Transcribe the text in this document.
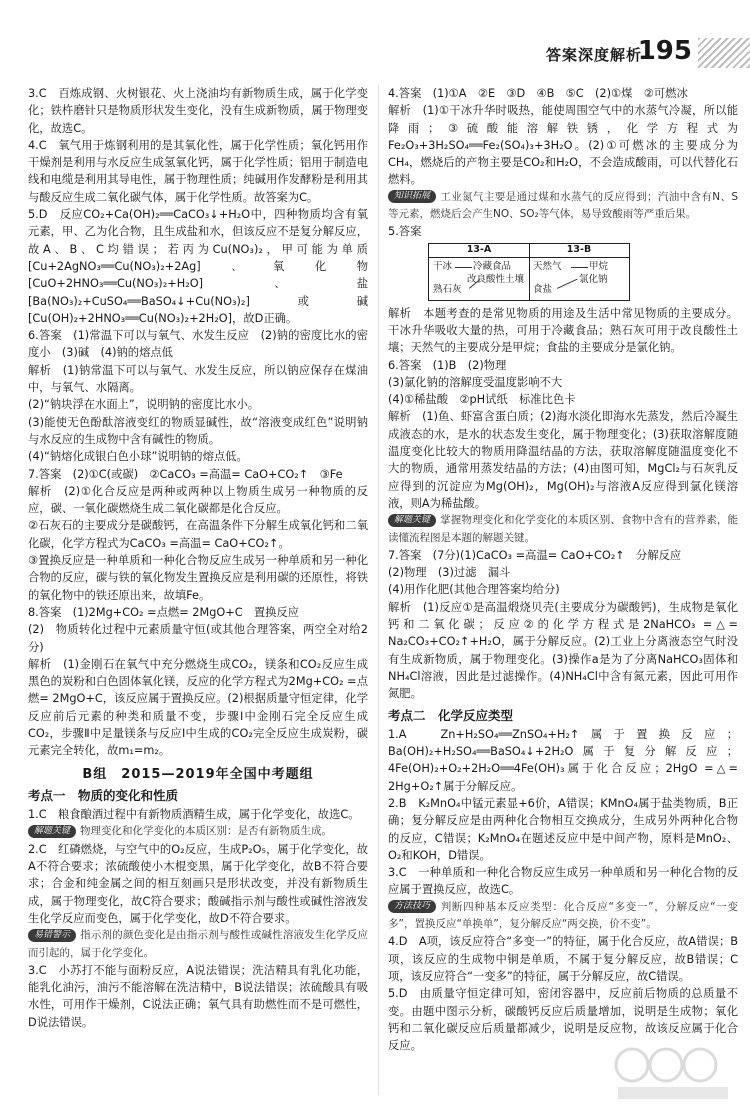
答案深度解析
195

3.C　百炼成钢、火树银花、火上浇油均有新物质生成，属于化学变化；铁杵磨针只是物质形状发生变化，没有生成新物质，属于物理变化，故选C。

4.C　氧气用于炼钢利用的是其氧化性，属于化学性质；氧化钙用作干燥剂是利用与水反应生成氢氧化钙，属于化学性质；铝用于制造电线和电缆是利用其导电性，属于物理性质；纯碱用作发酵粉是利用其与酸反应生成二氧化碳气体，属于化学性质。故答案为C。

5.D　反应CO₂+Ca(OH)₂══CaCO₃↓+H₂O中，四种物质均含有氧元素，甲、乙为化合物，且生成盐和水，但该反应不是复分解反应，故A、B、C均错误；若丙为Cu(NO₃)₂，甲可能为单质[Cu+2AgNO₃══Cu(NO₃)₂+2Ag]、氧化物[CuO+2HNO₃══Cu(NO₃)₂+H₂O]、盐[Ba(NO₃)₂+CuSO₄══BaSO₄↓+Cu(NO₃)₂]或碱[Cu(OH)₂+2HNO₃══Cu(NO₃)₂+2H₂O]，故D正确。

6.答案　(1)常温下可以与氧气、水发生反应　(2)钠的密度比水的密度小　(3)碱　(4)钠的熔点低

解析　(1)钠常温下可以与氧气、水发生反应，所以钠应保存在煤油中，与氧气、水隔离。

(2)“钠块浮在水面上”，说明钠的密度比水小。

(3)能使无色酚酞溶液变红的物质显碱性，故“溶液变成红色”说明钠与水反应的生成物中含有碱性的物质。

(4)“钠熔化成银白色小球”说明钠的熔点低。

7.答案　(2)①C(或碳)　②CaCO₃ =高温= CaO+CO₂↑　③Fe

解析　(2)①化合反应是两种或两种以上物质生成另一种物质的反应，碳、一氧化碳燃烧生成二氧化碳都是化合反应。

②石灰石的主要成分是碳酸钙，在高温条件下分解生成氧化钙和二氧化碳，化学方程式为CaCO₃ =高温= CaO+CO₂↑。

③置换反应是一种单质和一种化合物反应生成另一种单质和另一种化合物的反应，碳与铁的氧化物发生置换反应是利用碳的还原性，将铁的氧化物中的铁还原出来，故填Fe。

8.答案　(1)2Mg+CO₂ =点燃= 2MgO+C　置换反应

(2)　物质转化过程中元素质量守恒(或其他合理答案，两空全对给2分)

解析　(1)金刚石在氧气中充分燃烧生成CO₂，镁条和CO₂反应生成黑色的炭粉和白色固体氧化镁，反应的化学方程式为2Mg+CO₂ =点燃= 2MgO+C，该反应属于置换反应。(2)根据质量守恒定律，化学反应前后元素的种类和质量不变，步骤Ⅰ中金刚石完全反应生成CO₂，步骤Ⅱ中足量镁条与反应Ⅰ中生成的CO₂完全反应生成炭粉，碳元素完全转化，故m₁=m₂。

B组　2015—2019年全国中考题组

考点一　物质的变化和性质

1.C　粮食酿酒过程中有新物质酒精生成，属于化学变化，故选C。

解题关键 物理变化和化学变化的本质区别：是否有新物质生成。

2.C　红磷燃烧，与空气中的O₂反应，生成P₂O₅，属于化学变化，故A不符合要求；浓硫酸使小木棍变黑，属于化学变化，故B不符合要求；合金和纯金属之间的相互刻画只是形状改变，并没有新物质生成，属于物理变化，故C符合要求；酸碱指示剂与酸性或碱性溶液发生化学反应而变色，属于化学变化，故D不符合要求。

易错警示 指示剂的颜色变化是由指示剂与酸性或碱性溶液发生化学反应而引起的，属于化学变化。

3.C　小苏打不能与面粉反应，A说法错误；洗洁精具有乳化功能，能乳化油污，油污不能溶解在洗洁精中，B说法错误；浓硫酸具有吸水性，可用作干燥剂，C说法正确；氧气具有助燃性而不是可燃性，D说法错误。

4.答案　(1)①A　②E　③D　④B　⑤C　(2)①煤　②可燃冰

解析　(1)①干冰升华时吸热，能使周围空气中的水蒸气冷凝，所以能降雨；③硫酸能溶解铁锈，化学方程式为Fe₂O₃+3H₂SO₄══Fe₂(SO₄)₃+3H₂O。(2)①可燃冰的主要成分为CH₄，燃烧后的产物主要是CO₂和H₂O，不会造成酸雨，可以代替化石燃料。

知识拓展 工业氮气主要是通过煤和水蒸气的反应得到；汽油中含有N、S等元素，燃烧后会产生NO、SO₂等气体，易导致酸雨等严重后果。

5.答案

13-A	13-B
干冰
熟石灰
冷藏食品
改良酸性土壤
天然气
食盐
甲烷
氯化钠

解析　本题考查的是常见物质的用途及生活中常见物质的主要成分。干冰升华吸收大量的热，可用于冷藏食品；熟石灰可用于改良酸性土壤；天然气的主要成分是甲烷；食盐的主要成分是氯化钠。

6.答案　(1)B　(2)物理

(3)氯化钠的溶解度受温度影响不大

(4)①稀盐酸　②pH试纸　标准比色卡

解析　(1)鱼、虾富含蛋白质；(2)海水淡化即海水先蒸发，然后冷凝生成液态的水，是水的状态发生变化，属于物理变化；(3)获取溶解度随温度变化比较大的物质用降温结晶的方法，获取溶解度随温度变化不大的物质，通常用蒸发结晶的方法；(4)由图可知，MgCl₂与石灰乳反应得到的沉淀应为Mg(OH)₂，Mg(OH)₂与溶液A反应得到氯化镁溶液，则A为稀盐酸。

解题关键 掌握物理变化和化学变化的本质区别、食物中含有的营养素，能读懂流程图是本题的解题关键。

7.答案　(7分)(1)CaCO₃ =高温= CaO+CO₂↑　分解反应

(2)物理　(3)过滤　漏斗

(4)用作化肥(其他合理答案均给分)

解析　(1)反应①是高温煅烧贝壳(主要成分为碳酸钙)，生成物是氧化钙和二氧化碳；反应②的化学方程式是2NaHCO₃ =△= Na₂CO₃+CO₂↑+H₂O，属于分解反应。(2)工业上分离液态空气时没有生成新物质，属于物理变化。(3)操作a是为了分离NaHCO₃固体和NH₄Cl溶液，因此是过滤操作。(4)NH₄Cl中含有氮元素，因此可用作氮肥。

考点二　化学反应类型

1.A　Zn+H₂SO₄══ZnSO₄+H₂↑属于置换反应；Ba(OH)₂+H₂SO₄══BaSO₄↓+2H₂O属于复分解反应；4Fe(OH)₂+O₂+2H₂O══4Fe(OH)₃属于化合反应；2HgO =△= 2Hg+O₂↑属于分解反应。

2.B　K₂MnO₄中锰元素显+6价，A错误；KMnO₄属于盐类物质，B正确；复分解反应是由两种化合物相互交换成分，生成另外两种化合物的反应，C错误；K₂MnO₄在题述反应中是中间产物，原料是MnO₂、O₂和KOH，D错误。

3.C　一种单质和一种化合物反应生成另一种单质和另一种化合物的反应属于置换反应，故选C。

方法技巧 判断四种基本反应类型：化合反应“多变一”，分解反应“一变多”，置换反应“单换单”，复分解反应“两交换，价不变”。

4.D　A项，该反应符合“多变一”的特征，属于化合反应，故A错误；B项，该反应的生成物中铜是单质，不属于复分解反应，故B错误；C项，该反应符合“一变多”的特征，属于分解反应，故C错误。

5.D　由质量守恒定律可知，密闭容器中，反应前后物质的总质量不变。由题中图示分析，碳酸钙反应后质量增加，说明是生成物；氧化钙和二氧化碳反应后质量都减少，说明是反应物，故该反应属于化合反应。
